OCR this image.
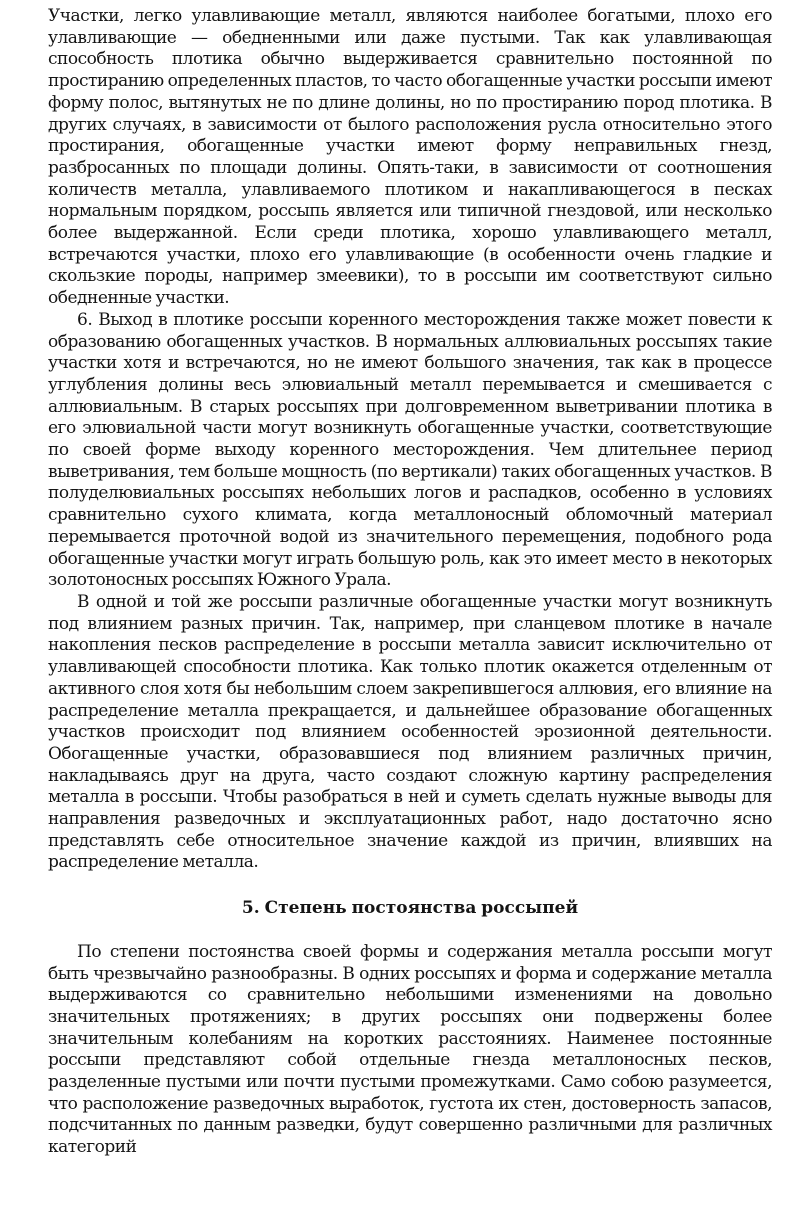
Участки, легко улавливающие металл, являются наиболее богатыми, плохо его улавливающие — обедненными или даже пустыми. Так как улавливающая способность плотика обычно выдерживается сравнительно постоянной по простиранию определенных пластов, то часто обогащенные участки россыпи имеют форму полос, вытянутых не по длине долины, но по простиранию пород плотика. В других случаях, в зависимости от былого расположения русла относительно этого простирания, обогащенные участки имеют форму неправильных гнезд, разбросанных по площади долины. Опять-таки, в зависимости от соотношения количеств металла, улавливаемого плотиком и накапливающегося в песках нормальным порядком, россыпь является или типичной гнездовой, или несколько более выдержанной. Если среди плотика, хорошо улавливающего металл, встречаются участки, плохо его улавливающие (в особенности очень гладкие и скользкие породы, например змеевики), то в россыпи им соответствуют сильно обедненные участки.

6. Выход в плотике россыпи коренного месторождения также может повести к образованию обогащенных участков. В нормальных аллювиальных россыпях такие участки хотя и встречаются, но не имеют большого значения, так как в процессе углубления долины весь элювиальный металл перемывается и смешивается с аллювиальным. В старых россыпях при долговременном выветривании плотика в его элювиальной части могут возникнуть обогащенные участки, соответствующие по своей форме выходу коренного месторождения. Чем длительнее период выветривания, тем больше мощность (по вертикали) таких обогащенных участков. В полуделювиальных россыпях небольших логов и распадков, особенно в условиях сравнительно сухого климата, когда металлоносный обломочный материал перемывается проточной водой из значительного перемещения, подобного рода обогащенные участки могут играть большую роль, как это имеет место в некоторых золотоносных россыпях Южного Урала.

В одной и той же россыпи различные обогащенные участки могут возникнуть под влиянием разных причин. Так, например, при сланцевом плотике в начале накопления песков распределение в россыпи металла зависит исключительно от улавливающей способности плотика. Как только плотик окажется отделенным от активного слоя хотя бы небольшим слоем закрепившегося аллювия, его влияние на распределение металла прекращается, и дальнейшее образование обогащенных участков происходит под влиянием особенностей эрозионной деятельности. Обогащенные участки, образовавшиеся под влиянием различных причин, накладываясь друг на друга, часто создают сложную картину распределения металла в россыпи. Чтобы разобраться в ней и суметь сделать нужные выводы для направления разведочных и эксплуатационных работ, надо достаточно ясно представлять себе относительное значение каждой из причин, влиявших на распределение металла.

5. Степень постоянства россыпей

По степени постоянства своей формы и содержания металла россыпи могут быть чрезвычайно разнообразны. В одних россыпях и форма и содержание металла выдерживаются со сравнительно небольшими изменениями на довольно значительных протяжениях; в других россыпях они подвержены более значительным колебаниям на коротких расстояниях. Наименее постоянные россыпи представляют собой отдельные гнезда металлоносных песков, разделенные пустыми или почти пустыми промежутками. Само собою разумеется, что расположение разведочных выработок, густота их стен, достоверность запасов, подсчитанных по данным разведки, будут совершенно различными для различных категорий
